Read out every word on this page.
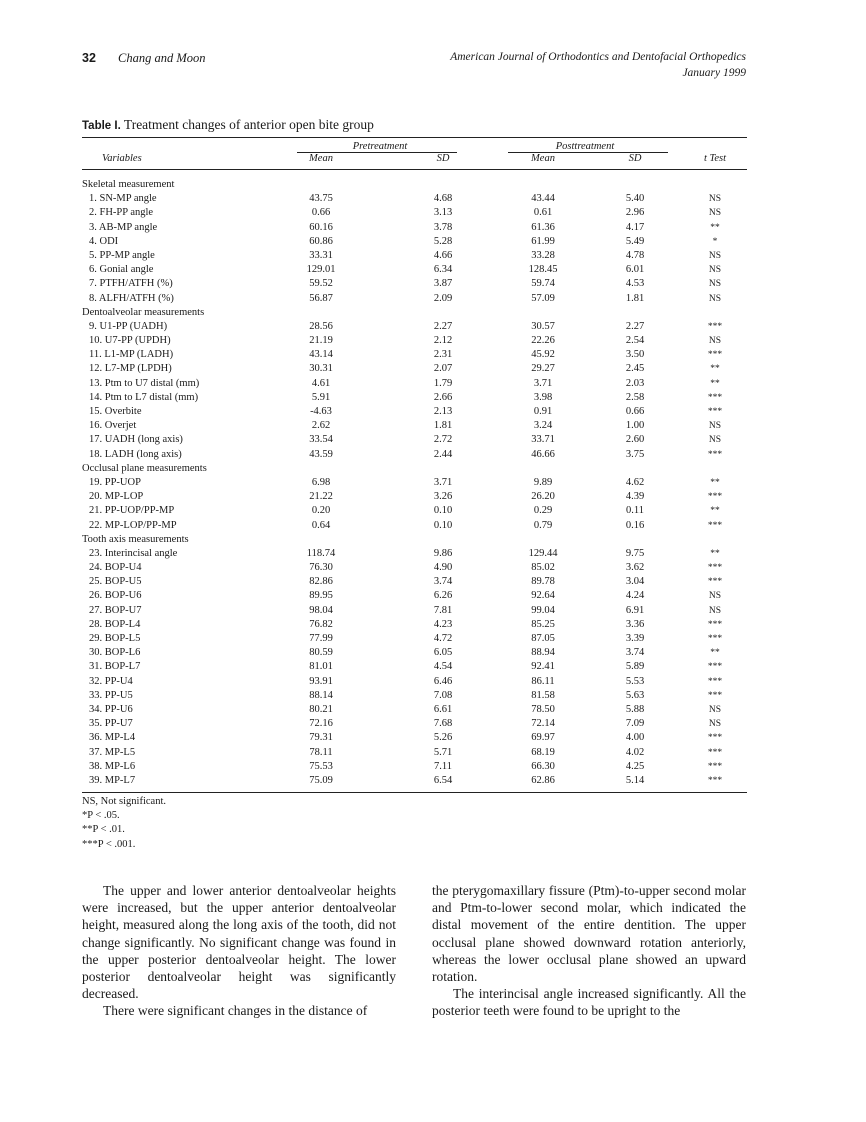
32 Chang and Moon	American Journal of Orthodontics and Dentofacial Orthopedics
January 1999
Table I. Treatment changes of anterior open bite group
Pretreatment	Posttreatment
Variables	Mean	SD	Mean	SD	t Test
Skeletal measurement
1. SN-MP angle	43.75	4.68	43.44	5.40	NS
2. FH-PP angle	0.66	3.13	0.61	2.96	NS
3. AB-MP angle	60.16	3.78	61.36	4.17	**
4. ODI	60.86	5.28	61.99	5.49	*
5. PP-MP angle	33.31	4.66	33.28	4.78	NS
6. Gonial angle	129.01	6.34	128.45	6.01	NS
7. PTFH/ATFH (%)	59.52	3.87	59.74	4.53	NS
8. ALFH/ATFH (%)	56.87	2.09	57.09	1.81	NS
Dentoalveolar measurements
9. U1-PP (UADH)	28.56	2.27	30.57	2.27	***
10. U7-PP (UPDH)	21.19	2.12	22.26	2.54	NS
11. L1-MP (LADH)	43.14	2.31	45.92	3.50	***
12. L7-MP (LPDH)	30.31	2.07	29.27	2.45	**
13. Ptm to U7 distal (mm)	4.61	1.79	3.71	2.03	**
14. Ptm to L7 distal (mm)	5.91	2.66	3.98	2.58	***
15. Overbite	-4.63	2.13	0.91	0.66	***
16. Overjet	2.62	1.81	3.24	1.00	NS
17. UADH (long axis)	33.54	2.72	33.71	2.60	NS
18. LADH (long axis)	43.59	2.44	46.66	3.75	***
Occlusal plane measurements
19. PP-UOP	6.98	3.71	9.89	4.62	**
20. MP-LOP	21.22	3.26	26.20	4.39	***
21. PP-UOP/PP-MP	0.20	0.10	0.29	0.11	**
22. MP-LOP/PP-MP	0.64	0.10	0.79	0.16	***
Tooth axis measurements
23. Interincisal angle	118.74	9.86	129.44	9.75	**
24. BOP-U4	76.30	4.90	85.02	3.62	***
25. BOP-U5	82.86	3.74	89.78	3.04	***
26. BOP-U6	89.95	6.26	92.64	4.24	NS
27. BOP-U7	98.04	7.81	99.04	6.91	NS
28. BOP-L4	76.82	4.23	85.25	3.36	***
29. BOP-L5	77.99	4.72	87.05	3.39	***
30. BOP-L6	80.59	6.05	88.94	3.74	**
31. BOP-L7	81.01	4.54	92.41	5.89	***
32. PP-U4	93.91	6.46	86.11	5.53	***
33. PP-U5	88.14	7.08	81.58	5.63	***
34. PP-U6	80.21	6.61	78.50	5.88	NS
35. PP-U7	72.16	7.68	72.14	7.09	NS
36. MP-L4	79.31	5.26	69.97	4.00	***
37. MP-L5	78.11	5.71	68.19	4.02	***
38. MP-L6	75.53	7.11	66.30	4.25	***
39. MP-L7	75.09	6.54	62.86	5.14	***
NS, Not significant.
*P < .05.
**P < .01.
***P < .001.

The upper and lower anterior dentoalveolar heights were increased, but the upper anterior dentoalveolar height, measured along the long axis of the tooth, did not change significantly. No significant change was found in the upper posterior dentoalveolar height. The lower posterior dentoalveolar height was significantly decreased.

There were significant changes in the distance of

the pterygomaxillary fissure (Ptm)-to-upper second molar and Ptm-to-lower second molar, which indicated the distal movement of the entire dentition. The upper occlusal plane showed downward rotation anteriorly, whereas the lower occlusal plane showed an upward rotation.

The interincisal angle increased significantly. All the posterior teeth were found to be upright to the
